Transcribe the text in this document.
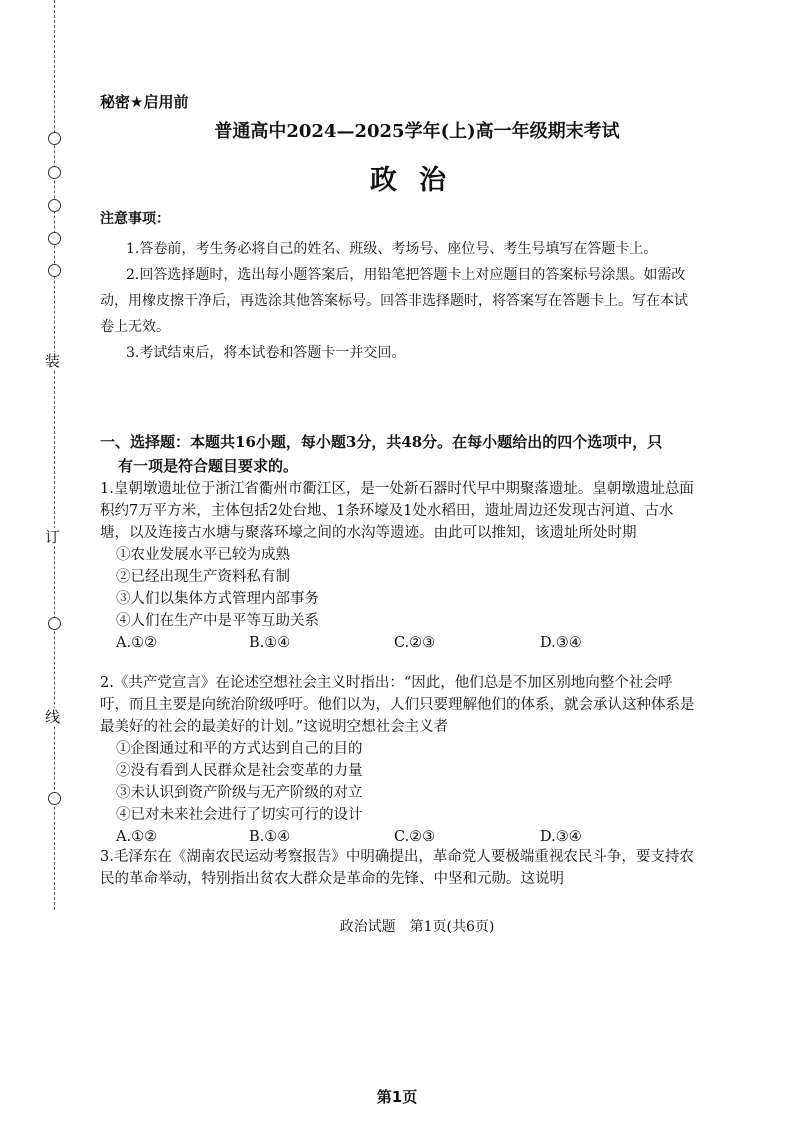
装
订
线
秘密★启用前
普通高中2024—2025学年(上)高一年级期末考试
政治
注意事项：

1.答卷前，考生务必将自己的姓名、班级、考场号、座位号、考生号填写在答题卡上。

2.回答选择题时，选出每小题答案后，用铅笔把答题卡上对应题目的答案标号涂黑。如需改动，用橡皮擦干净后，再选涂其他答案标号。回答非选择题时，将答案写在答题卡上。写在本试卷上无效。

3.考试结束后，将本试卷和答题卡一并交回。

一、选择题：本题共16小题，每小题3分，共48分。在每小题给出的四个选项中，只
有一项是符合题目要求的。

1.皇朝墩遗址位于浙江省衢州市衢江区，是一处新石器时代早中期聚落遗址。皇朝墩遗址总面积约7万平方米，主体包括2处台地、1条环壕及1处水稻田，遗址周边还发现古河道、古水塘，以及连接古水塘与聚落环壕之间的水沟等遗迹。由此可以推知，该遗址所处时期

①农业发展水平已较为成熟

②已经出现生产资料私有制

③人们以集体方式管理内部事务

④人们在生产中是平等互助关系

A.①②	B.①④	C.②③	D.③④

2.《共产党宣言》在论述空想社会主义时指出：“因此，他们总是不加区别地向整个社会呼吁，而且主要是向统治阶级呼吁。他们以为，人们只要理解他们的体系，就会承认这种体系是最美好的社会的最美好的计划。”这说明空想社会主义者

①企图通过和平的方式达到自己的目的

②没有看到人民群众是社会变革的力量

③未认识到资产阶级与无产阶级的对立

④已对未来社会进行了切实可行的设计

A.①②	B.①④	C.②③	D.③④

3.毛泽东在《湖南农民运动考察报告》中明确提出，革命党人要极端重视农民斗争，要支持农民的革命举动，特别指出贫农大群众是革命的先锋、中坚和元勋。这说明

政治试题　第1页(共6页)
第1页
